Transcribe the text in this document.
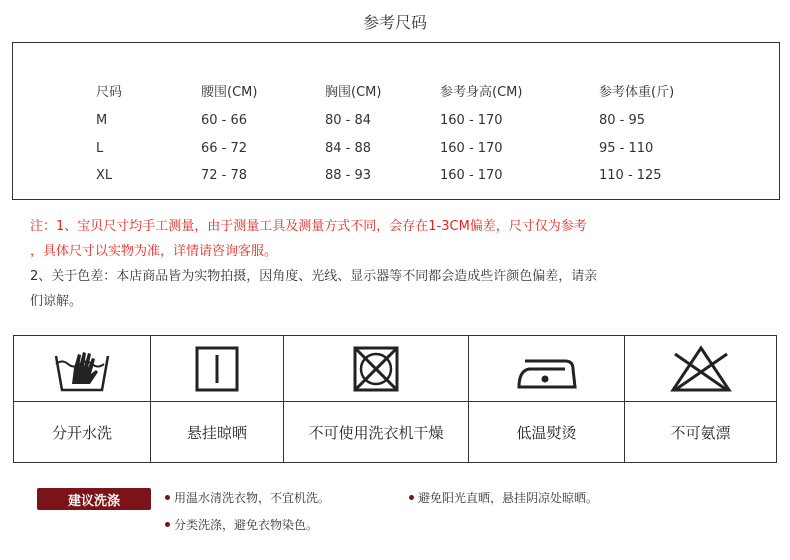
参考尺码
尺码	腰围(CM)	胸围(CM)	参考身高(CM)	参考体重(斤)
M	60 - 66	80 - 84	160 - 170	80 - 95
L	66 - 72	84 - 88	160 - 170	95 - 110
XL	72 - 78	88 - 93	160 - 170	110 - 125
注：1、宝贝尺寸均手工测量，由于测量工具及测量方式不同，会存在1-3CM偏差，尺寸仅为参考
，具体尺寸以实物为准，详情请咨询客服。
2、关于色差：本店商品皆为实物拍摄，因角度、光线、显示器等不同都会造成些许颜色偏差，请亲
们谅解。
分开水洗	悬挂晾晒	不可使用洗衣机干燥	低温熨烫	不可氨漂
建议洗涤	用温水清洗衣物，不宜机洗。	避免阳光直晒，悬挂阴凉处晾晒。
分类洗涤，避免衣物染色。
